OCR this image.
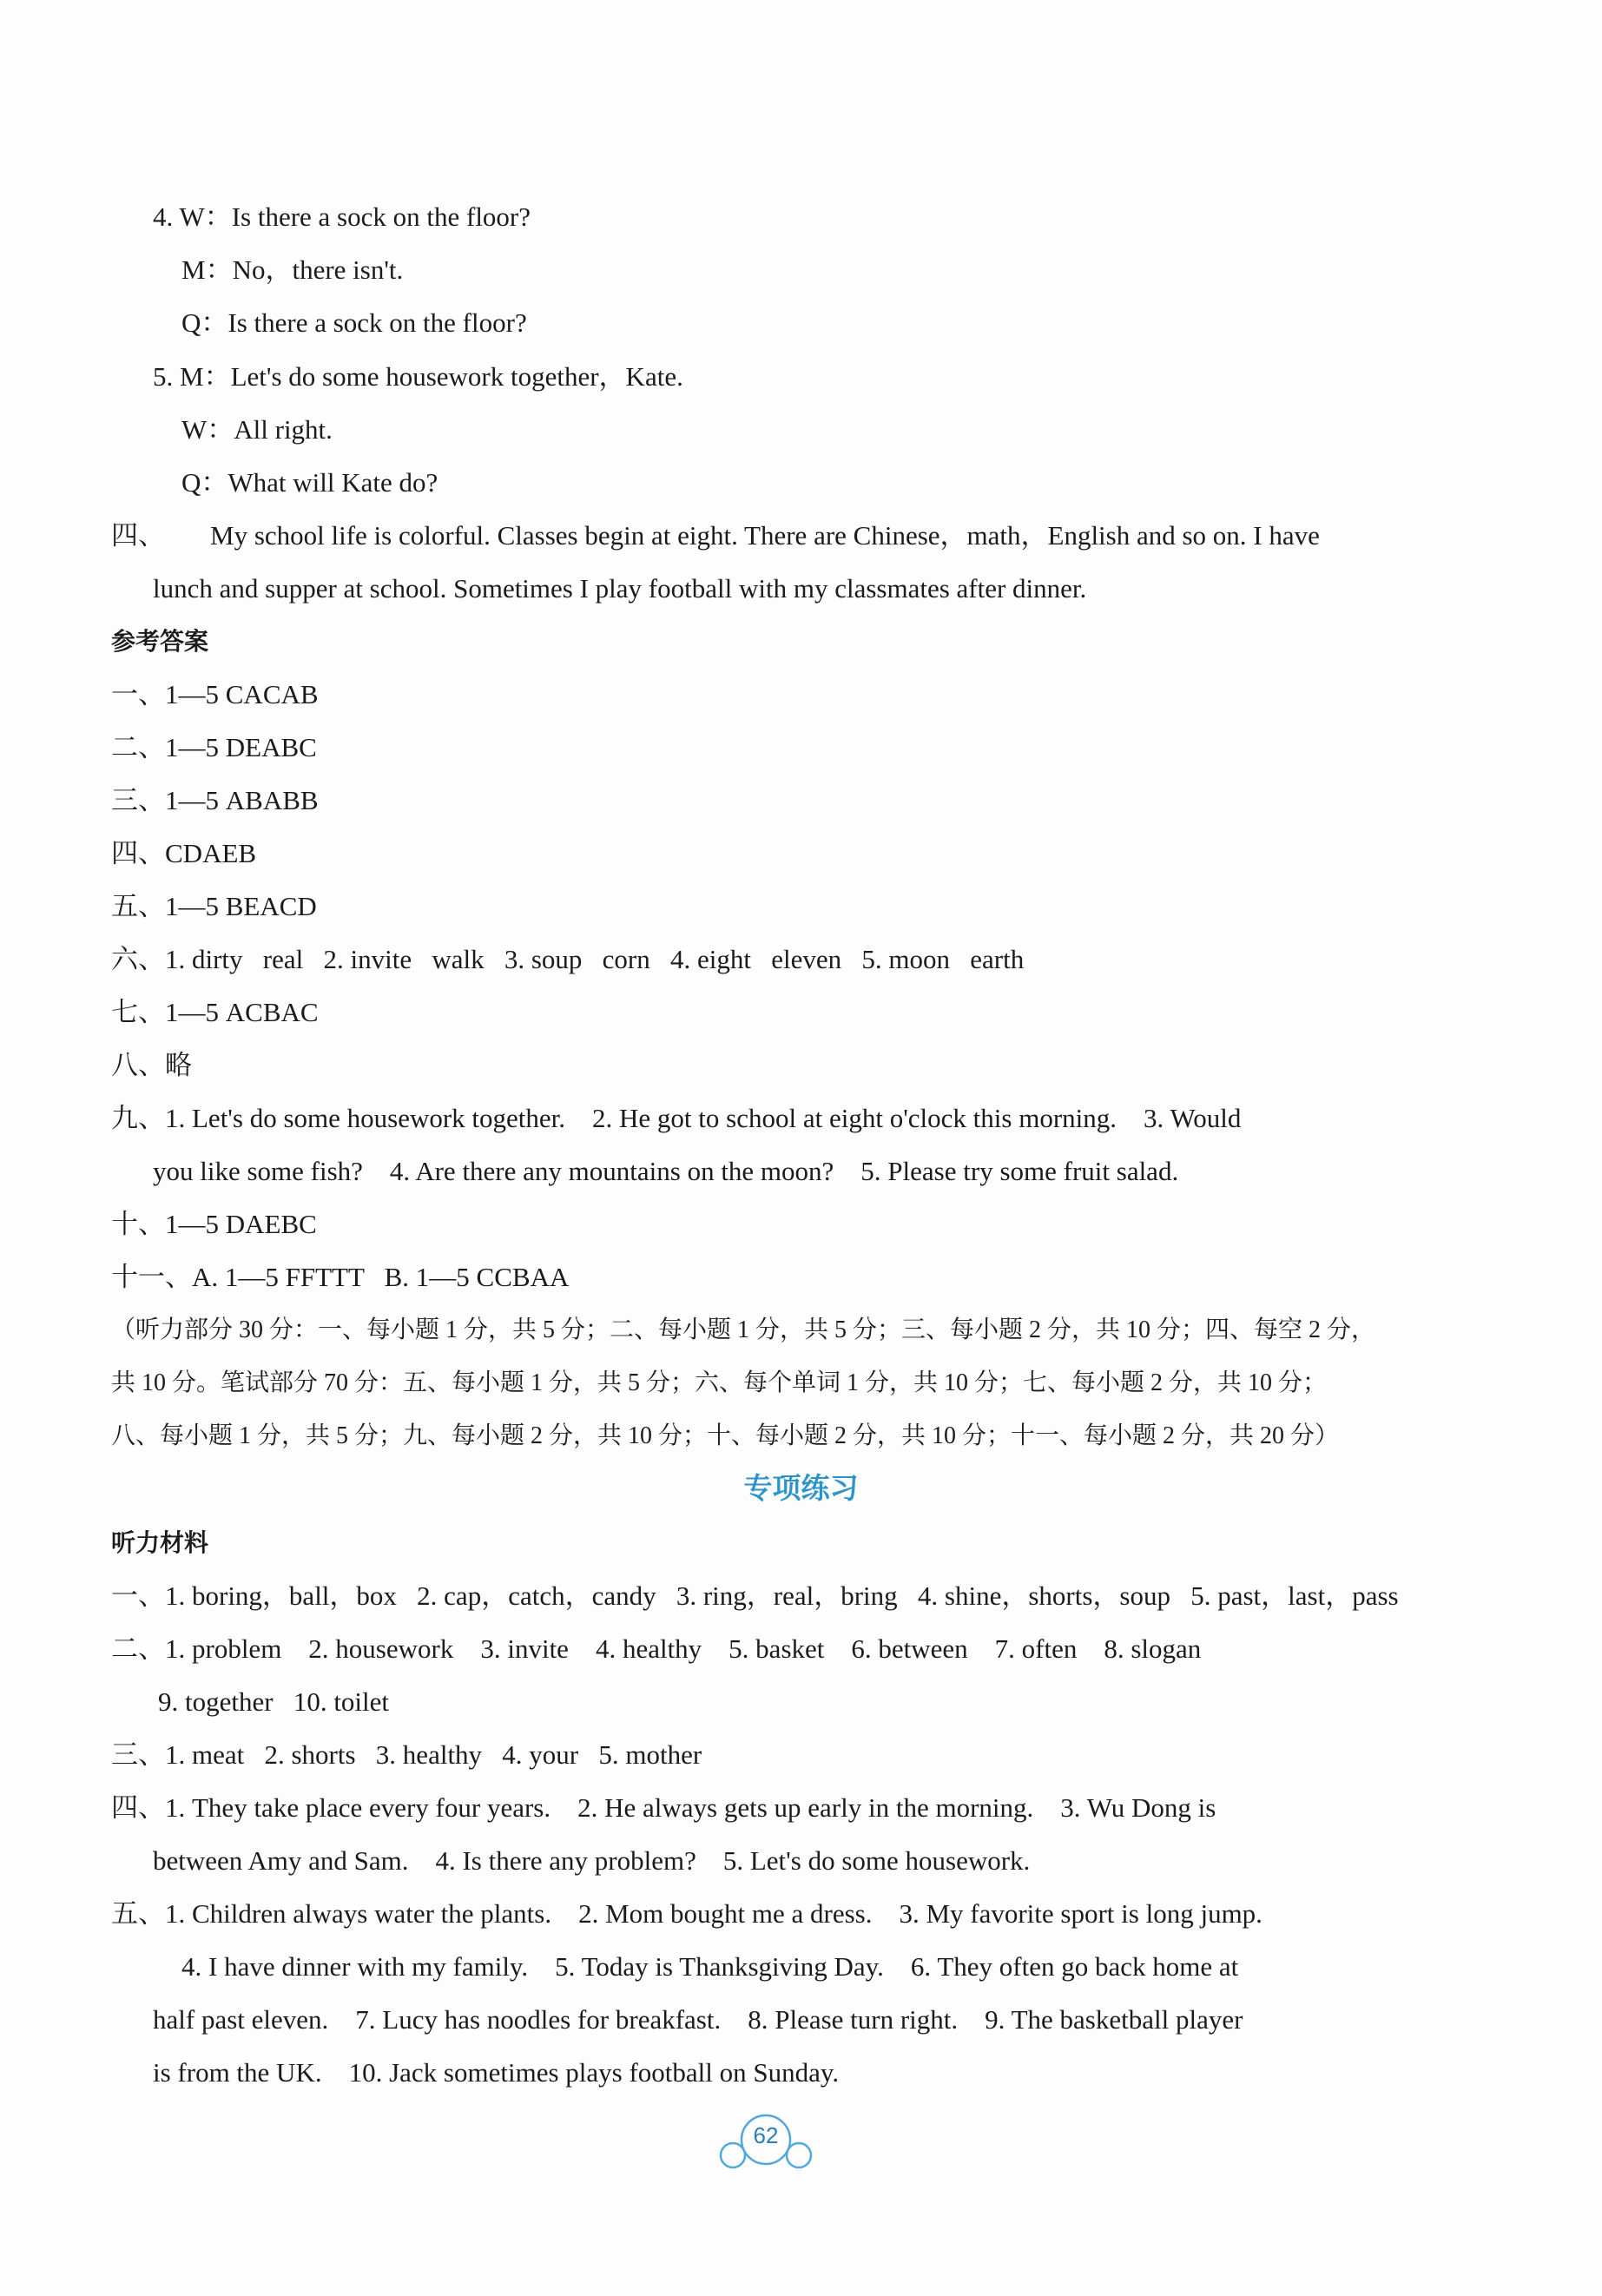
4. W：Is there a sock on the floor?
M：No，there isn't.
Q：Is there a sock on the floor?
5. M：Let's do some housework together，Kate.
W：All right.
Q：What will Kate do?
四、 My school life is colorful. Classes begin at eight. There are Chinese，math，English and so on. I have
lunch and supper at school. Sometimes I play football with my classmates after dinner.
参考答案
一、1—5 CACAB
二、1—5 DEABC
三、1—5 ABABB
四、CDAEB
五、1—5 BEACD
六、1. dirty   real   2. invite   walk   3. soup   corn   4. eight   eleven   5. moon   earth
七、1—5 ACBAC
八、略
九、1. Let's do some housework together.    2. He got to school at eight o'clock this morning.    3. Would
you like some fish?    4. Are there any mountains on the moon?    5. Please try some fruit salad.
十、1—5 DAEBC
十一、A. 1—5 FFTTT   B. 1—5 CCBAA
（听力部分 30 分：一、每小题 1 分，共 5 分；二、每小题 1 分，共 5 分；三、每小题 2 分，共 10 分；四、每空 2 分，
共 10 分。笔试部分 70 分：五、每小题 1 分，共 5 分；六、每个单词 1 分，共 10 分；七、每小题 2 分，共 10 分；
八、每小题 1 分，共 5 分；九、每小题 2 分，共 10 分；十、每小题 2 分，共 10 分；十一、每小题 2 分，共 20 分）
专项练习
听力材料
一、1. boring，ball，box   2. cap，catch，candy   3. ring，real，bring   4. shine，shorts，soup   5. past，last，pass
二、1. problem    2. housework    3. invite    4. healthy    5. basket    6. between    7. often    8. slogan
9. together   10. toilet
三、1. meat   2. shorts   3. healthy   4. your   5. mother
四、1. They take place every four years.    2. He always gets up early in the morning.    3. Wu Dong is
between Amy and Sam.    4. Is there any problem?    5. Let's do some housework.
五、1. Children always water the plants.    2. Mom bought me a dress.    3. My favorite sport is long jump.
4. I have dinner with my family.    5. Today is Thanksgiving Day.    6. They often go back home at
half past eleven.    7. Lucy has noodles for breakfast.    8. Please turn right.    9. The basketball player
is from the UK.    10. Jack sometimes plays football on Sunday.
62
